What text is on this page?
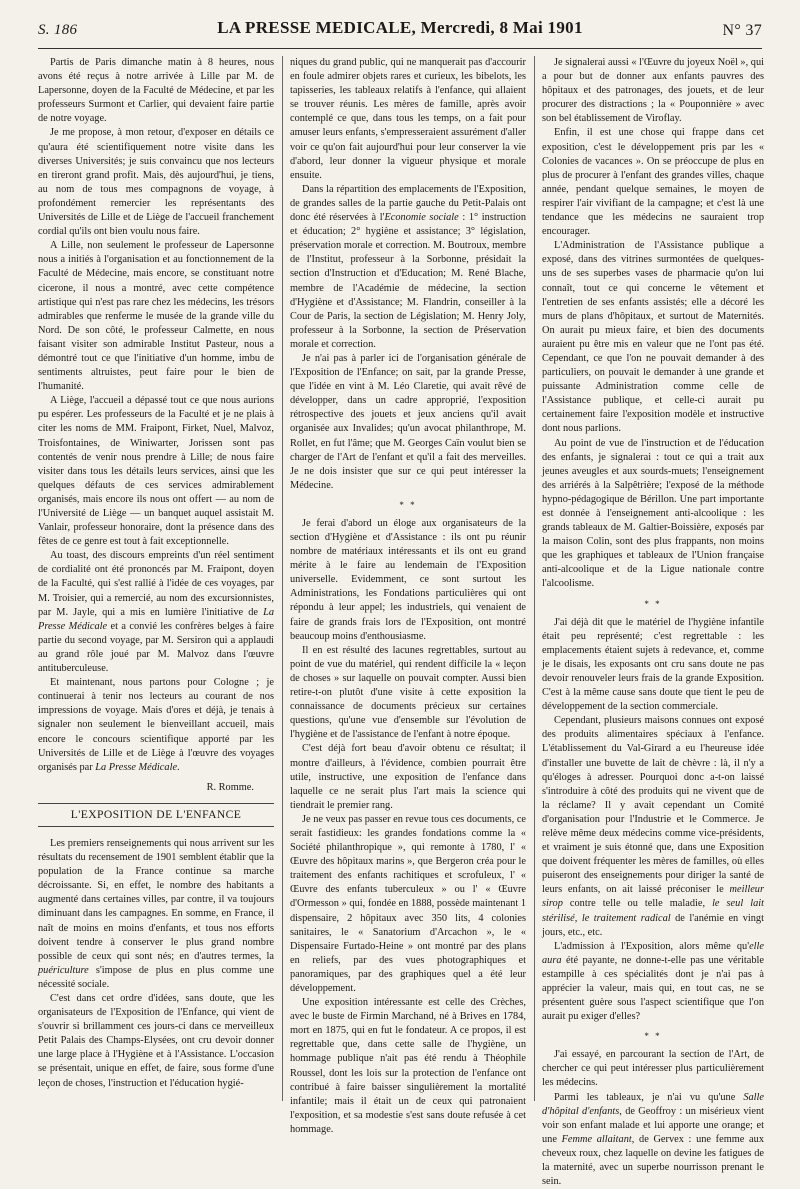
S. 186	LA PRESSE MEDICALE, Mercredi, 8 Mai 1901	N° 37

Partis de Paris dimanche matin à 8 heures, nous avons été reçus à notre arrivée à Lille par M. de Lapersonne, doyen de la Faculté de Médecine, et par les professeurs Surmont et Carlier, qui devaient faire partie de notre voyage.

Je me propose, à mon retour, d'exposer en détails ce qu'aura été scientifiquement notre visite dans les diverses Universités; je suis convaincu que nos lecteurs en tireront grand profit. Mais, dès aujourd'hui, je tiens, au nom de tous mes compagnons de voyage, à profondément remercier les représentants des Universités de Lille et de Liège de l'accueil franchement cordial qu'ils ont bien voulu nous faire.

A Lille, non seulement le professeur de Lapersonne nous a initiés à l'organisation et au fonctionnement de la Faculté de Médecine, mais encore, se constituant notre cicerone, il nous a montré, avec cette compétence artistique qui n'est pas rare chez les médecins, les trésors admirables que renferme le musée de la grande ville du Nord. De son côté, le professeur Calmette, en nous faisant visiter son admirable Institut Pasteur, nous a démontré tout ce que l'initiative d'un homme, imbu de sentiments altruistes, peut faire pour le bien de l'humanité.

A Liège, l'accueil a dépassé tout ce que nous aurions pu espérer. Les professeurs de la Faculté et je ne plais à citer les noms de MM. Fraipont, Firket, Nuel, Malvoz, Troisfontaines, de Winiwarter, Jorissen sont pas contentés de venir nous prendre à Lille; de nous faire visiter dans tous les détails leurs services, ainsi que les quelques défauts de ces services admirablement organisés, mais encore ils nous ont offert — au nom de l'Université de Liège — un banquet auquel assistait M. Vanlair, professeur honoraire, dont la présence dans des fêtes de ce genre est tout à fait exceptionnelle.

Au toast, des discours empreints d'un réel sentiment de cordialité ont été prononcés par M. Fraipont, doyen de la Faculté, qui s'est rallié à l'idée de ces voyages, par M. Troisier, qui a remercié, au nom des excursionnistes, par M. Jayle, qui a mis en lumière l'initiative de La Presse Médicale et a convié les confrères belges à faire partie du second voyage, par M. Sersiron qui a applaudi au grand rôle joué par M. Malvoz dans l'œuvre antituberculeuse.

Et maintenant, nous partons pour Cologne ; je continuerai à tenir nos lecteurs au courant de nos impressions de voyage. Mais d'ores et déjà, je tenais à signaler non seulement le bienveillant accueil, mais encore le concours scientifique apporté par les Universités de Lille et de Liège à l'œuvre des voyages organisés par La Presse Médicale.

R. Romme.

L'EXPOSITION DE L'ENFANCE

Les premiers renseignements qui nous arrivent sur les résultats du recensement de 1901 semblent établir que la population de la France continue sa marche décroissante. Si, en effet, le nombre des habitants a augmenté dans certaines villes, par contre, il va toujours diminuant dans les campagnes. En somme, en France, il naît de moins en moins d'enfants, et tous nos efforts doivent tendre à conserver le plus grand nombre possible de ceux qui sont nés; en d'autres termes, la puériculture s'impose de plus en plus comme une nécessité sociale.

C'est dans cet ordre d'idées, sans doute, que les organisateurs de l'Exposition de l'Enfance, qui vient de s'ouvrir si brillamment ces jours-ci dans ce merveilleux Petit Palais des Champs-Elysées, ont cru devoir donner une large place à l'Hygiène et à l'Assistance. L'occasion se présentait, unique en effet, de faire, sous forme d'une leçon de choses, l'instruction et l'éducation hygié-

niques du grand public, qui ne manquerait pas d'accourir en foule admirer objets rares et curieux, les bibelots, les tapisseries, les tableaux relatifs à l'enfance, qui allaient se trouver réunis. Les mères de famille, après avoir contemplé ce que, dans tous les temps, on a fait pour amuser leurs enfants, s'empresseraient assurément d'aller voir ce qu'on fait aujourd'hui pour leur conserver la vie d'abord, leur donner la vigueur physique et morale ensuite.

Dans la répartition des emplacements de l'Exposition, de grandes salles de la partie gauche du Petit-Palais ont donc été réservées à l'Economie sociale : 1° instruction et éducation; 2° hygiène et assistance; 3° législation, préservation morale et correction. M. Boutroux, membre de l'Institut, professeur à la Sorbonne, présidait la section d'Instruction et d'Education; M. René Blache, membre de l'Académie de médecine, la section d'Hygiène et d'Assistance; M. Flandrin, conseiller à la Cour de Paris, la section de Législation; M. Henry Joly, professeur à la Sorbonne, la section de Préservation morale et correction.

Je n'ai pas à parler ici de l'organisation générale de l'Exposition de l'Enfance; on sait, par la grande Presse, que l'idée en vint à M. Léo Claretie, qui avait rêvé de développer, dans un cadre approprié, l'exposition rétrospective des jouets et jeux anciens qu'il avait organisée aux Invalides; qu'un avocat philanthrope, M. Rollet, en fut l'âme; que M. Georges Caïn voulut bien se charger de l'Art de l'enfant et qu'il a fait des merveilles. Je ne dois insister que sur ce qui peut intéresser la Médecine.

* *

Je ferai d'abord un éloge aux organisateurs de la section d'Hygiène et d'Assistance : ils ont pu réunir nombre de matériaux intéressants et ils ont eu grand mérite à le faire au lendemain de l'Exposition universelle. Evidemment, ce sont surtout les Administrations, les Fondations particulières qui ont répondu à leur appel; les industriels, qui venaient de faire de grands frais lors de l'Exposition, ont montré beaucoup moins d'enthousiasme.

Il en est résulté des lacunes regrettables, surtout au point de vue du matériel, qui rendent difficile la « leçon de choses » sur laquelle on pouvait compter. Aussi bien retire-t-on plutôt d'une visite à cette exposition la connaissance de documents précieux sur certaines questions, qu'une vue d'ensemble sur l'évolution de l'hygiène et de l'assistance de l'enfant à notre époque.

C'est déjà fort beau d'avoir obtenu ce résultat; il montre d'ailleurs, à l'évidence, combien pourrait être utile, instructive, une exposition de l'enfance dans laquelle ce ne serait plus l'art mais la science qui tiendrait le premier rang.

Je ne veux pas passer en revue tous ces documents, ce serait fastidieux: les grandes fondations comme la « Société philanthropique », qui remonte à 1780, l' « Œuvre des hôpitaux marins », que Bergeron créa pour le traitement des enfants rachitiques et scrofuleux, l' « Œuvre des enfants tuberculeux » ou l' « Œuvre d'Ormesson » qui, fondée en 1888, possède maintenant 1 dispensaire, 2 hôpitaux avec 350 lits, 4 colonies sanitaires, le « Sanatorium d'Arcachon », le « Dispensaire Furtado-Heine » ont montré par des plans en reliefs, par des vues photographiques et panoramiques, par des graphiques quel a été leur développement.

Une exposition intéressante est celle des Crèches, avec le buste de Firmin Marchand, né à Brives en 1784, mort en 1875, qui en fut le fondateur. A ce propos, il est regrettable que, dans cette salle de l'hygiène, un hommage publique n'ait pas été rendu à Théophile Roussel, dont les lois sur la protection de l'enfance ont contribué à faire baisser singulièrement la mortalité infantile; mais il était un de ceux qui patronaient l'exposition, et sa modestie s'est sans doute refusée à cet hommage.

Je signalerai aussi « l'Œuvre du joyeux Noël », qui a pour but de donner aux enfants pauvres des hôpitaux et des patronages, des jouets, et de leur procurer des distractions ; la « Pouponnière » avec son bel établissement de Viroflay.

Enfin, il est une chose qui frappe dans cet exposition, c'est le développement pris par les « Colonies de vacances ». On se préoccupe de plus en plus de procurer à l'enfant des grandes villes, chaque année, pendant quelque semaines, le moyen de respirer l'air vivifiant de la campagne; et c'est là une tendance que les médecins ne sauraient trop encourager.

L'Administration de l'Assistance publique a exposé, dans des vitrines surmontées de quelques-uns de ses superbes vases de pharmacie qu'on lui connaît, tout ce qui concerne le vêtement et l'entretien de ses enfants assistés; elle a décoré les murs de plans d'hôpitaux, et surtout de Maternités. On aurait pu mieux faire, et bien des documents auraient pu être mis en valeur que ne l'ont pas été. Cependant, ce que l'on ne pouvait demander à des particuliers, on pouvait le demander à une grande et puissante Administration comme celle de l'Assistance publique, et celle-ci aurait pu certainement faire l'exposition modèle et instructive dont nous parlions.

Au point de vue de l'instruction et de l'éducation des enfants, je signalerai : tout ce qui a trait aux jeunes aveugles et aux sourds-muets; l'enseignement des arriérés à la Salpêtrière; l'exposé de la méthode hypno-pédagogique de Bérillon. Une part importante est donnée à l'enseignement anti-alcoolique : les grands tableaux de M. Galtier-Boissière, exposés par la maison Colin, sont des plus frappants, non moins que les graphiques et tableaux de l'Union française anti-alcoolique et de la Ligue nationale contre l'alcoolisme.

* *

J'ai déjà dit que le matériel de l'hygiène infantile était peu représenté; c'est regrettable : les emplacements étaient sujets à redevance, et, comme je le disais, les exposants ont cru sans doute ne pas devoir renouveler leurs frais de la grande Exposition. C'est à la même cause sans doute que tient le peu de développement de la section commerciale.

Cependant, plusieurs maisons connues ont exposé des produits alimentaires spéciaux à l'enfance. L'établissement du Val-Girard a eu l'heureuse idée d'installer une buvette de lait de chèvre : là, il n'y a qu'éloges à adresser. Pourquoi donc a-t-on laissé s'introduire à côté des produits qui ne vivent que de la réclame? Il y avait cependant un Comité d'organisation pour l'Industrie et le Commerce. Je relève même deux médecins comme vice-présidents, et vraiment je suis étonné que, dans une Exposition que doivent fréquenter les mères de familles, où elles puiseront des enseignements pour diriger la santé de leurs enfants, on ait laissé préconiser le meilleur sirop contre telle ou telle maladie, le seul lait stérilisé, le traitement radical de l'anémie en vingt jours, etc., etc.

L'admission à l'Exposition, alors même qu'elle aura été payante, ne donne-t-elle pas une véritable estampille à ces spécialités dont je n'ai pas à apprécier la valeur, mais qui, en tout cas, ne se présentent guère sous l'aspect scientifique que l'on aurait pu exiger d'elles?

* *

J'ai essayé, en parcourant la section de l'Art, de chercher ce qui peut intéresser plus particulièrement les médecins.

Parmi les tableaux, je n'ai vu qu'une Salle d'hôpital d'enfants, de Geoffroy : un misérieux vient voir son enfant malade et lui apporte une orange; et une Femme allaitant, de Gervex : une femme aux cheveux roux, chez laquelle on devine les fatigues de la maternité, avec un superbe nourrisson prenant le sein.
